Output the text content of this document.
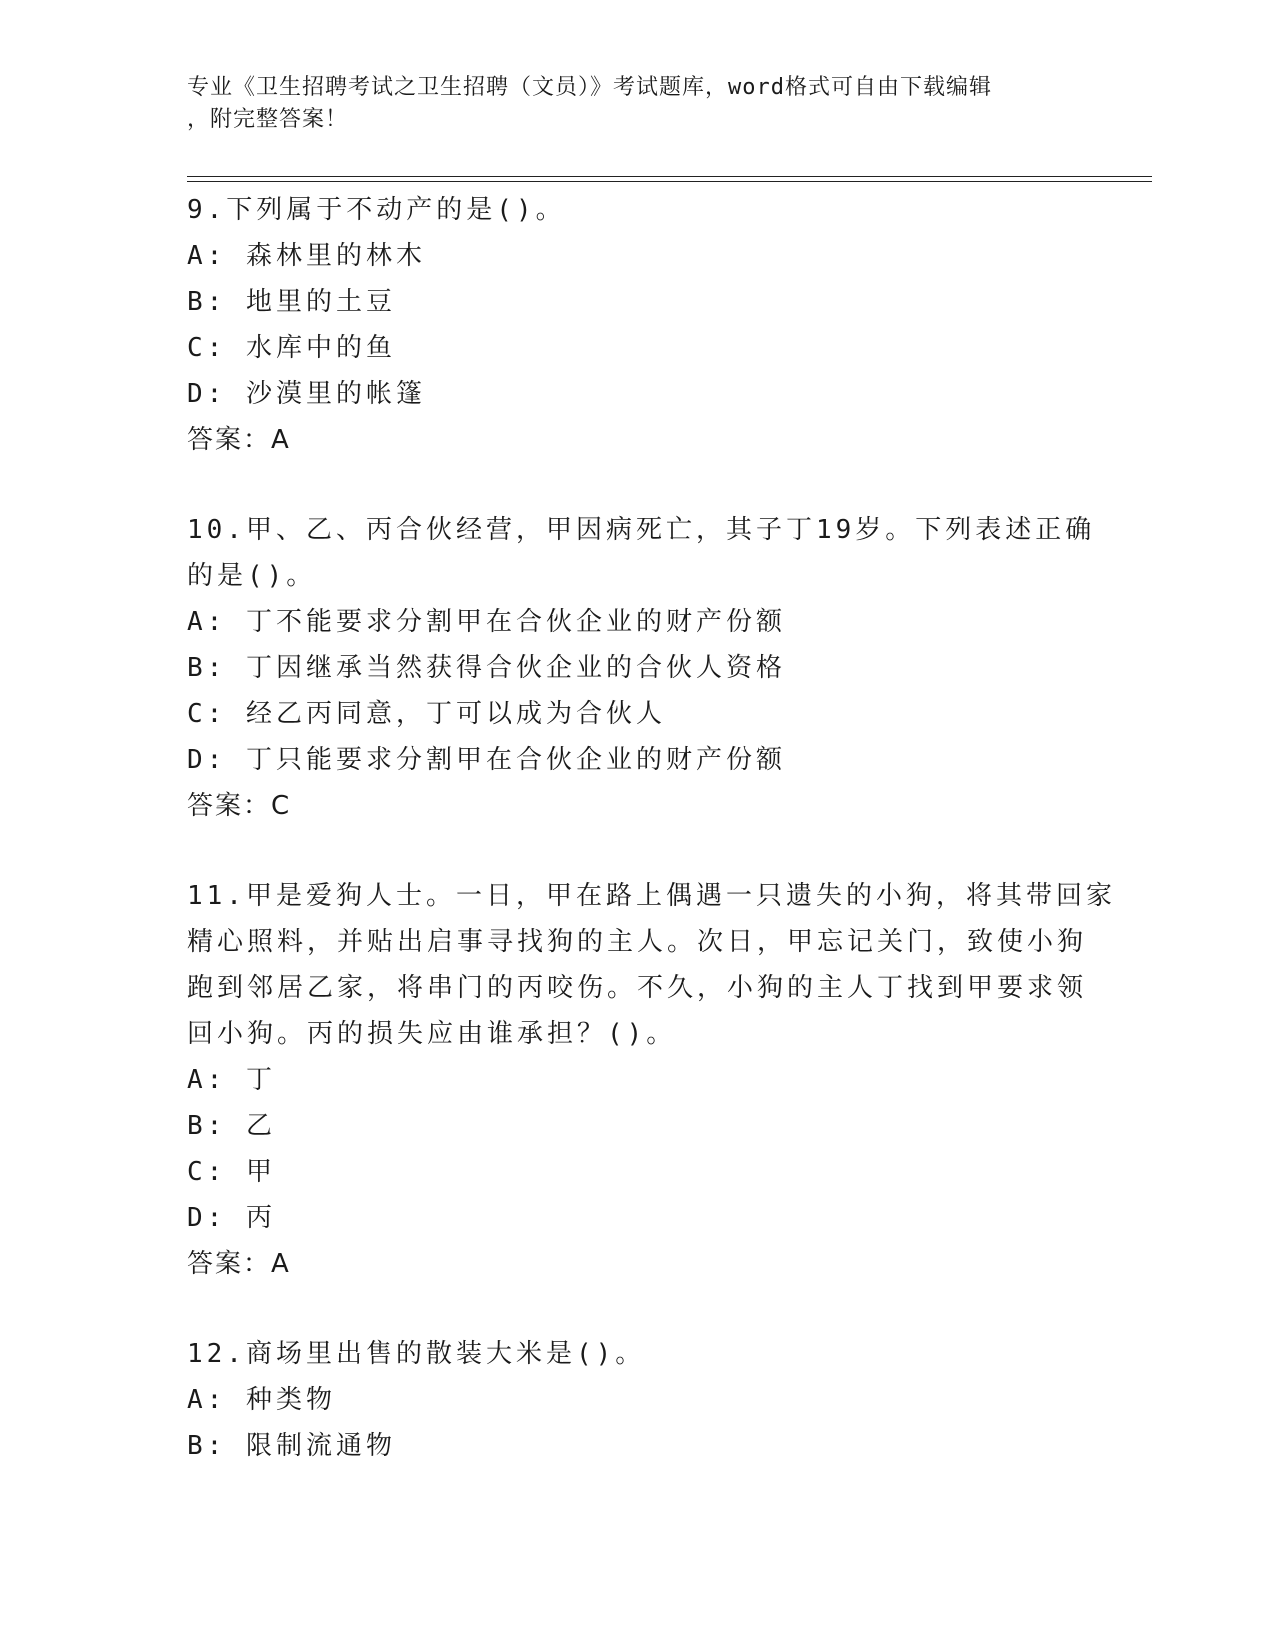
专业《卫生招聘考试之卫生招聘（文员）》考试题库，word格式可自由下载编辑
，附完整答案！
9.下列属于不动产的是()。
A: 森林里的林木
B: 地里的土豆
C: 水库中的鱼
D: 沙漠里的帐篷
答案：A
10.甲、乙、丙合伙经营，甲因病死亡，其子丁19岁。下列表述正确
的是()。
A: 丁不能要求分割甲在合伙企业的财产份额
B: 丁因继承当然获得合伙企业的合伙人资格
C: 经乙丙同意，丁可以成为合伙人
D: 丁只能要求分割甲在合伙企业的财产份额
答案：C
11.甲是爱狗人士。一日，甲在路上偶遇一只遗失的小狗，将其带回家
精心照料，并贴出启事寻找狗的主人。次日，甲忘记关门，致使小狗
跑到邻居乙家，将串门的丙咬伤。不久，小狗的主人丁找到甲要求领
回小狗。丙的损失应由谁承担？()。
A: 丁
B: 乙
C: 甲
D: 丙
答案：A
12.商场里出售的散装大米是()。
A: 种类物
B: 限制流通物
